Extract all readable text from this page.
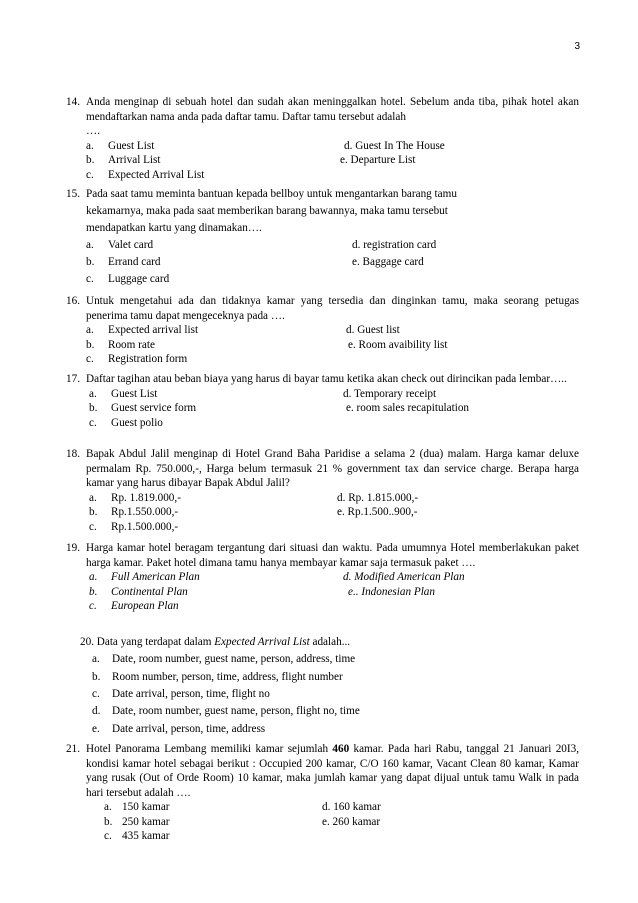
3
14. Anda menginap di sebuah hotel dan sudah akan meninggalkan hotel. Sebelum anda tiba, pihak hotel akan mendaftarkan nama anda pada daftar tamu. Daftar tamu tersebut adalah
….
a.	Guest List	d. Guest In The House
b.	Arrival List	e. Departure List
c.	Expected Arrival List
15. Pada saat tamu meminta bantuan kepada bellboy untuk mengantarkan barang tamu
kekamarnya, maka pada saat memberikan barang bawannya, maka tamu tersebut
mendapatkan kartu yang dinamakan….
a.	Valet card	d. registration card
b.	Errand card	e. Baggage card
c.	Luggage card
16. Untuk mengetahui ada dan tidaknya kamar yang tersedia dan dinginkan tamu, maka seorang petugas penerima tamu dapat mengeceknya pada ….
a.	Expected arrival list	d. Guest list
b.	Room rate	e. Room avaibility list
c.	Registration form
17. Daftar tagihan atau beban biaya yang harus di bayar tamu ketika akan check out dirincikan pada lembar…..
a.	Guest List	d. Temporary receipt
b.	Guest service form	e. room sales recapitulation
c.	Guest polio
18. Bapak Abdul Jalil menginap di Hotel Grand Baha Paridise a selama 2 (dua) malam. Harga kamar deluxe permalam Rp. 750.000,-, Harga belum termasuk 21 % government tax dan service charge. Berapa harga kamar yang harus dibayar Bapak Abdul Jalil?
a.	Rp. 1.819.000,-	d. Rp. 1.815.000,-
b.	Rp.1.550.000,-	e. Rp.1.500..900,-
c.	Rp.1.500.000,-
19. Harga kamar hotel beragam tergantung dari situasi dan waktu. Pada umumnya Hotel memberlakukan paket harga kamar. Paket hotel dimana tamu hanya membayar kamar saja termasuk paket ….
a.	Full American Plan	d. Modified American Plan
b.	Continental Plan	e.. Indonesian Plan
c.	European Plan
20. Data yang terdapat dalam Expected Arrival List adalah...
a.	Date, room number, guest name, person, address, time
b.	Room number, person, time, address, flight number
c.	Date arrival, person, time, flight no
d.	Date, room number, guest name, person, flight no, time
e.	Date arrival, person, time, address
21. Hotel Panorama Lembang memiliki kamar sejumlah 460 kamar. Pada hari Rabu, tanggal 21 Januari 20I3, kondisi kamar hotel sebagai berikut : Occupied 200 kamar, C/O 160 kamar, Vacant Clean 80 kamar, Kamar yang rusak (Out of Orde Room) 10 kamar, maka jumlah kamar yang dapat dijual untuk tamu Walk in pada hari tersebut adalah ….
a. 150 kamar	d. 160 kamar
b. 250 kamar	e. 260 kamar
c. 435 kamar
